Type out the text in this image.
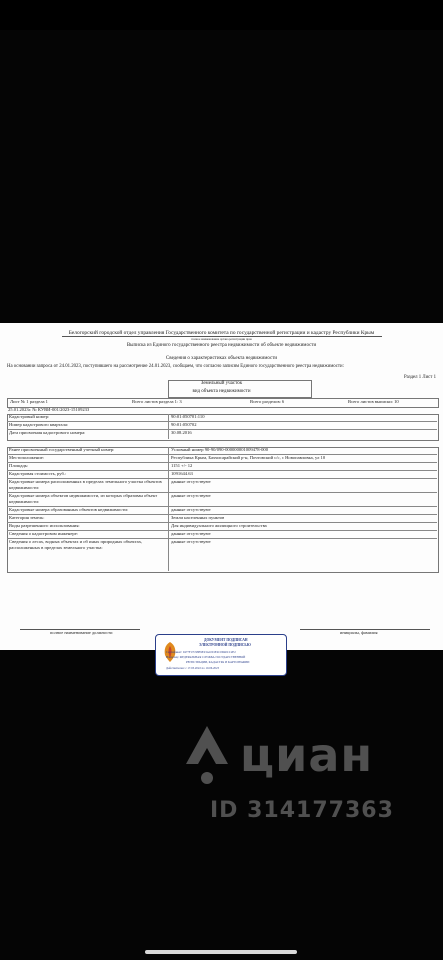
Белогорский городской отдел управления Государственного комитета по государственной регистрации и кадастру Республики Крым
полное наименование органа регистрации прав
Выписка из Единого государственного реестра недвижимости об объекте недвижимости
Сведения о характеристиках объекта недвижимости
На основании запроса от 24.01.2023, поступившего на рассмотрение 24.01.2023, сообщаем, что согласно записям Единого государственного реестра недвижимости:
Раздел 1 Лист 1
Земельный участок
вид объекта недвижимости
Лист № 1 раздела 1	Всего листов раздела 1: 3	Всего разделов: 6	Всего листов выписки: 10
25.01.2023г. № КУВИ-001/2023-15109233
Кадастровый номер:	90:01:050701:110
Номер кадастрового квартала:	90:01:050702
Дата присвоения кадастрового номера:	30.08.2016
Ранее присвоенный государственный учетный номер:	Условный номер 90-90/090-000000001009478-000
Местоположение:	Республика Крым, Бахчисарайский р-н, Почтовский с/с, с Новопавловка, ул 10
Площадь:	1151 +/- 12
Кадастровая стоимость, руб.:	1091644.63
Кадастровые номера расположенных в пределах земельного участка объектов недвижимости:
данные отсутствуют
Кадастровые номера объектов недвижимости, из которых образован объект недвижимости:
данные отсутствуют
Кадастровые номера образованных объектов недвижимости:	данные отсутствуют
Категория земель:	Земли населенных пунктов
Виды разрешенного использования:	Для индивидуального жилищного строительства
Сведения о кадастровом инженере:	данные отсутствуют
Сведения о лесах, водных объектах и об иных природных объектах, расположенных в пределах земельного участка:
данные отсутствуют
полное наименование должности	инициалы, фамилия
ДОКУМЕНТ ПОДПИСАН
ЭЛЕКТРОННОЙ ПОДПИСЬЮ
Сертификат: 0477F17C98E9E23A1001E2C0D40CC2E2
Владелец: ФЕДЕРАЛЬНАЯ СЛУЖБА ГОСУДАРСТВЕННОЙ
РЕГИСТРАЦИИ, КАДАСТРА И КАРТОГРАФИИ
Действителен: с 17.03.2022 по 10.06.2023
циан
ID 314177363
